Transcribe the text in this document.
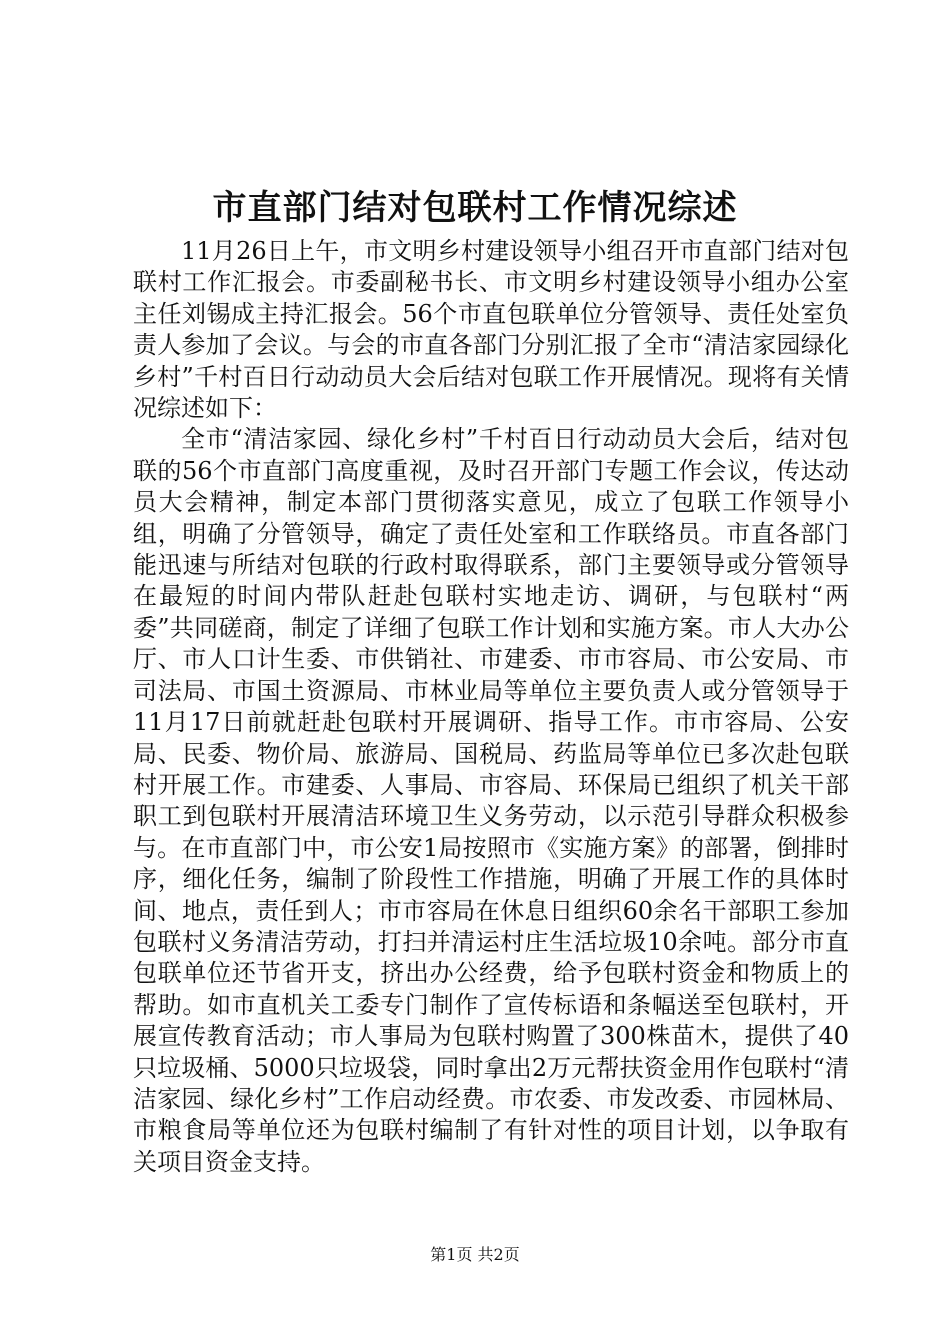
市直部门结对包联村工作情况综述

11月26日上午，市文明乡村建设领导小组召开市直部门结对包联村工作汇报会。市委副秘书长、市文明乡村建设领导小组办公室主任刘锡成主持汇报会。56个市直包联单位分管领导、责任处室负责人参加了会议。与会的市直各部门分别汇报了全市“清洁家园绿化乡村”千村百日行动动员大会后结对包联工作开展情况。现将有关情况综述如下：

全市“清洁家园、绿化乡村”千村百日行动动员大会后，结对包联的56个市直部门高度重视，及时召开部门专题工作会议，传达动员大会精神，制定本部门贯彻落实意见，成立了包联工作领导小组，明确了分管领导，确定了责任处室和工作联络员。市直各部门能迅速与所结对包联的行政村取得联系，部门主要领导或分管领导在最短的时间内带队赶赴包联村实地走访、调研，与包联村“两委”共同磋商，制定了详细了包联工作计划和实施方案。市人大办公厅、市人口计生委、市供销社、市建委、市市容局、市公安局、市司法局、市国土资源局、市林业局等单位主要负责人或分管领导于11月17日前就赶赴包联村开展调研、指导工作。市市容局、公安局、民委、物价局、旅游局、国税局、药监局等单位已多次赴包联村开展工作。市建委、人事局、市容局、环保局已组织了机关干部职工到包联村开展清洁环境卫生义务劳动，以示范引导群众积极参与。在市直部门中，市公安1局按照市《实施方案》的部署，倒排时序，细化任务，编制了阶段性工作措施，明确了开展工作的具体时间、地点，责任到人；市市容局在休息日组织60余名干部职工参加包联村义务清洁劳动，打扫并清运村庄生活垃圾10余吨。部分市直包联单位还节省开支，挤出办公经费，给予包联村资金和物质上的帮助。如市直机关工委专门制作了宣传标语和条幅送至包联村，开展宣传教育活动；市人事局为包联村购置了300株苗木，提供了40只垃圾桶、5000只垃圾袋，同时拿出2万元帮扶资金用作包联村“清洁家园、绿化乡村”工作启动经费。市农委、市发改委、市园林局、市粮食局等单位还为包联村编制了有针对性的项目计划，以争取有关项目资金支持。

第1页 共2页
